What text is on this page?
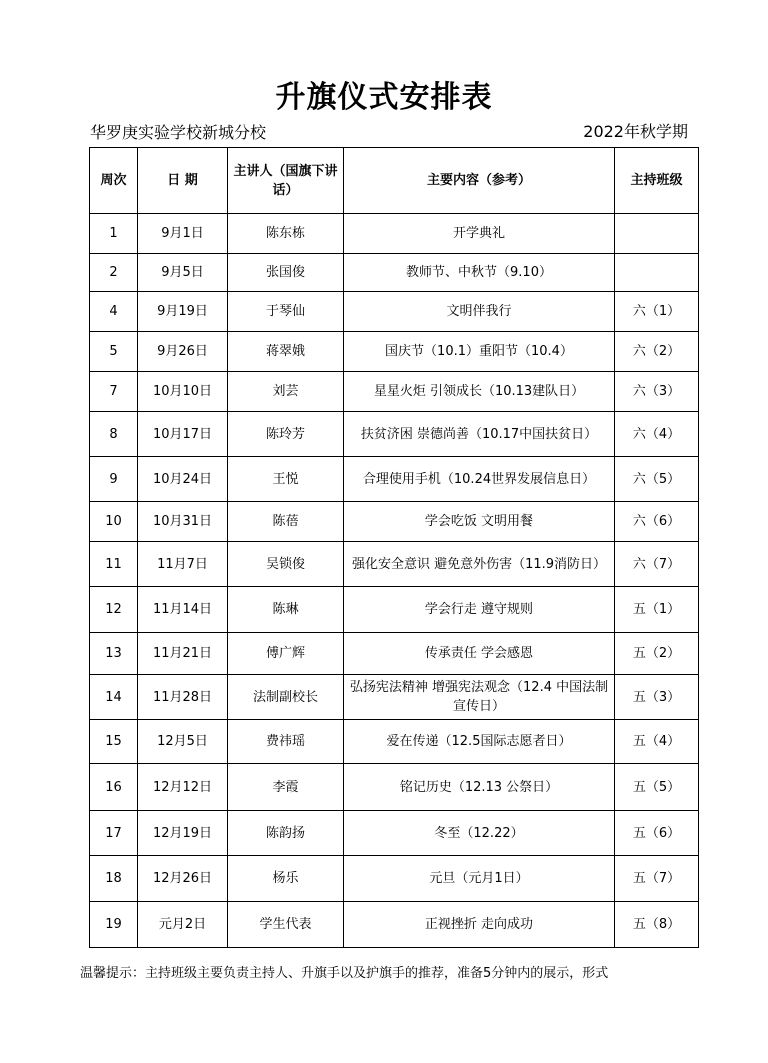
升旗仪式安排表
华罗庚实验学校新城分校	2022年秋学期
周次	日 期	主讲人（国旗下讲话）	主要内容（参考）	主持班级
1	9月1日	陈东栋	开学典礼	
2	9月5日	张国俊	教师节、中秋节（9.10）	
4	9月19日	于琴仙	文明伴我行	六（1）
5	9月26日	蒋翠娥	国庆节（10.1）重阳节（10.4）	六（2）
7	10月10日	刘芸	星星火炬 引领成长（10.13建队日）	六（3）
8	10月17日	陈玲芳	扶贫济困 崇德尚善（10.17中国扶贫日）	六（4）
9	10月24日	王悦	合理使用手机（10.24世界发展信息日）	六（5）
10	10月31日	陈蓓	学会吃饭 文明用餐	六（6）
11	11月7日	吴锁俊	强化安全意识 避免意外伤害（11.9消防日）	六（7）
12	11月14日	陈琳	学会行走 遵守规则	五（1）
13	11月21日	傅广辉	传承责任 学会感恩	五（2）
14	11月28日	法制副校长	弘扬宪法精神 增强宪法观念（12.4 中国法制宣传日）	五（3）
15	12月5日	费祎瑶	爱在传递（12.5国际志愿者日）	五（4）
16	12月12日	李霞	铭记历史（12.13 公祭日）	五（5）
17	12月19日	陈韵扬	冬至（12.22）	五（6）
18	12月26日	杨乐	元旦（元月1日）	五（7）
19	元月2日	学生代表	正视挫折 走向成功	五（8）
温馨提示：主持班级主要负责主持人、升旗手以及护旗手的推荐，准备5分钟内的展示，形式
